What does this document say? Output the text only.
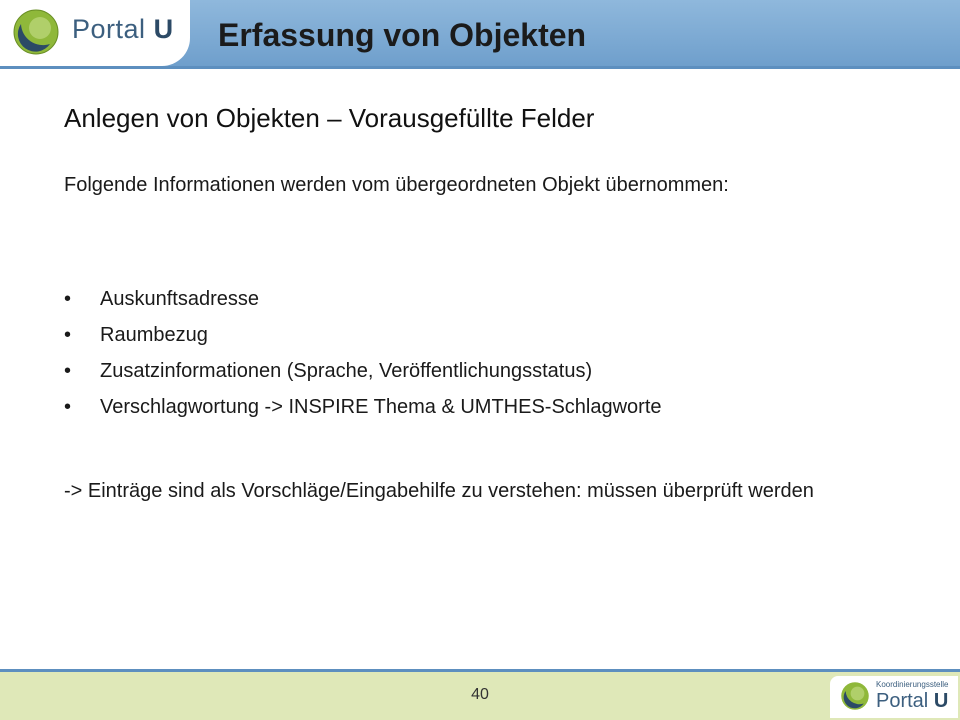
Portal U Erfassung von Objekten
Anlegen von Objekten – Vorausgefüllte Felder

Folgende Informationen werden vom übergeordneten Objekt übernommen:

• Auskunftsadresse
• Raumbezug
• Zusatzinformationen (Sprache, Veröffentlichungsstatus)
• Verschlagwortung -> INSPIRE Thema & UMTHES-Schlagworte

-> Einträge sind als Vorschläge/Eingabehilfe zu verstehen: müssen überprüft werden

40
Koordinierungsstelle
Portal U
